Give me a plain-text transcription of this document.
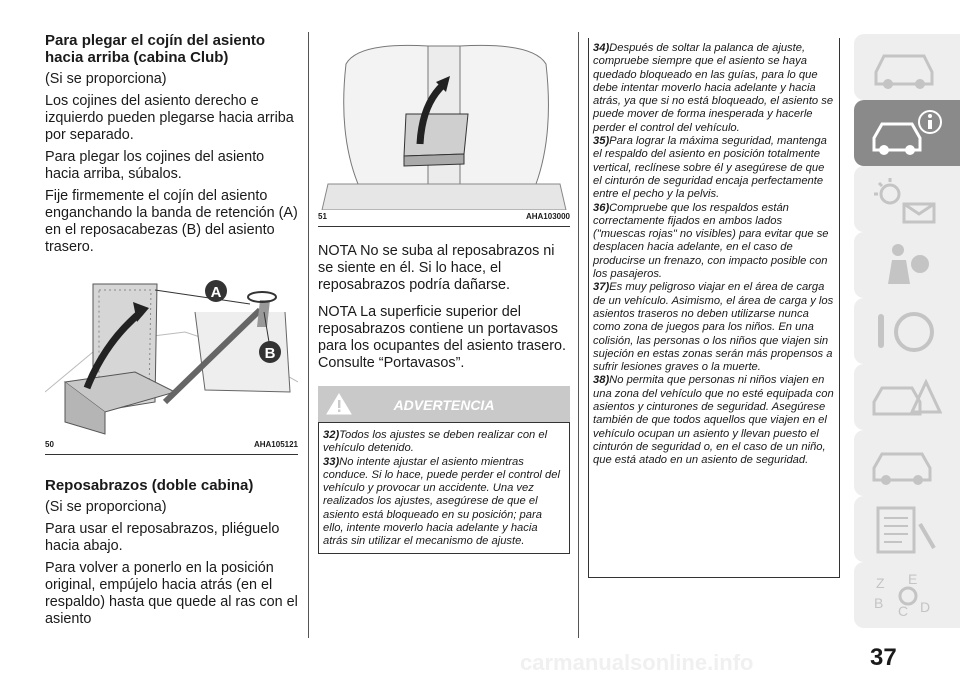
Para plegar el cojín del asiento hacia arriba (cabina Club)

(Si se proporciona)

Los cojines del asiento derecho e izquierdo pueden plegarse hacia arriba por separado.

Para plegar los cojines del asiento hacia arriba, súbalos.

Fije firmemente el cojín del asiento enganchando la banda de retención (A) en el reposacabezas (B) del asiento trasero.

A
B
50	AHA105121
Reposabrazos (doble cabina)

(Si se proporciona)

Para usar el reposabrazos, pliéguelo hacia abajo.

Para volver a ponerlo en la posición original, empújelo hacia atrás (en el respaldo) hasta que quede al ras con el asiento

51	AHA103000

NOTA No se suba al reposabrazos ni se siente en él. Si lo hace, el reposabrazos podría dañarse.

NOTA La superficie superior del reposabrazos contiene un portavasos para los ocupantes del asiento trasero. Consulte “Portavasos”.

ADVERTENCIA
32)Todos los ajustes se deben realizar con el vehículo detenido.
33)No intente ajustar el asiento mientras conduce. Si lo hace, puede perder el control del vehículo y provocar un accidente. Una vez realizados los ajustes, asegúrese de que el asiento está bloqueado en su posición; para ello, intente moverlo hacia adelante y hacia atrás sin utilizar el mecanismo de ajuste.
34)Después de soltar la palanca de ajuste, compruebe siempre que el asiento se haya quedado bloqueado en las guías, para lo que debe intentar moverlo hacia adelante y hacia atrás, ya que si no está bloqueado, el asiento se puede mover de forma inesperada y hacerle perder el control del vehículo.
35)Para lograr la máxima seguridad, mantenga el respaldo del asiento en posición totalmente vertical, reclínese sobre él y asegúrese de que el cinturón de seguridad encaja perfectamente entre el pecho y la pelvis.
36)Compruebe que los respaldos están correctamente fijados en ambos lados ("muescas rojas" no visibles) para evitar que se desplacen hacia adelante, en el caso de producirse un frenazo, con impacto posible con los pasajeros.
37)Es muy peligroso viajar en el área de carga de un vehículo. Asimismo, el área de carga y los asientos traseros no deben utilizarse nunca como zona de juegos para los niños. En una colisión, las personas o los niños que viajen sin sujeción en estas zonas serán más propensos a sufrir lesiones graves o la muerte.
38)No permita que personas ni niños viajen en una zona del vehículo que no esté equipada con asientos y cinturones de seguridad. Asegúrese también de que todos aquellos que viajen en el vehículo ocupan un asiento y llevan puesto el cinturón de seguridad o, en el caso de un niño, que está atado en un asiento de seguridad.
Z E
B C D
37
carmanualsonline.info
